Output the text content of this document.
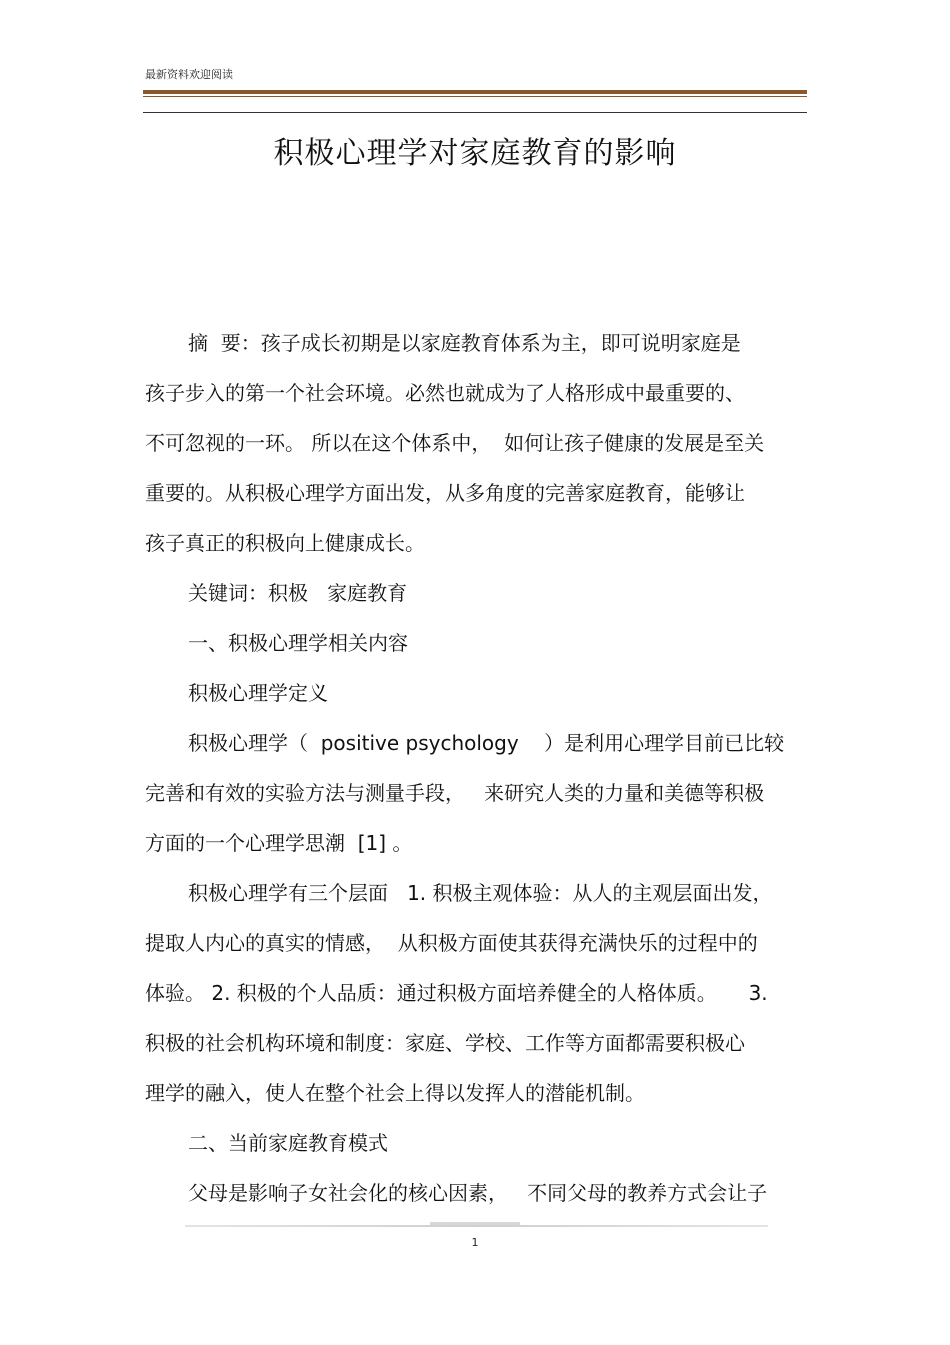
最新资料欢迎阅读
积极心理学对家庭教育的影响
摘  要：孩子成长初期是以家庭教育体系为主，即可说明家庭是
孩子步入的第一个社会环境。必然也就成为了人格形成中最重要的、
不可忽视的一环。 所以在这个体系中，  如何让孩子健康的发展是至关
重要的。从积极心理学方面出发，从多角度的完善家庭教育，能够让
孩子真正的积极向上健康成长。
关键词：积极   家庭教育
一、积极心理学相关内容
积极心理学定义
积极心理学（  positive psychology    ）是利用心理学目前已比较
完善和有效的实验方法与测量手段，   来研究人类的力量和美德等积极
方面的一个心理学思潮  [1] 。
积极心理学有三个层面   1. 积极主观体验：从人的主观层面出发，
提取人内心的真实的情感，  从积极方面使其获得充满快乐的过程中的
体验。 2. 积极的个人品质：通过积极方面培养健全的人格体质。     3.
积极的社会机构环境和制度：家庭、学校、工作等方面都需要积极心
理学的融入，使人在整个社会上得以发挥人的潜能机制。
二、当前家庭教育模式
父母是影响子女社会化的核心因素，   不同父母的教养方式会让子
1
